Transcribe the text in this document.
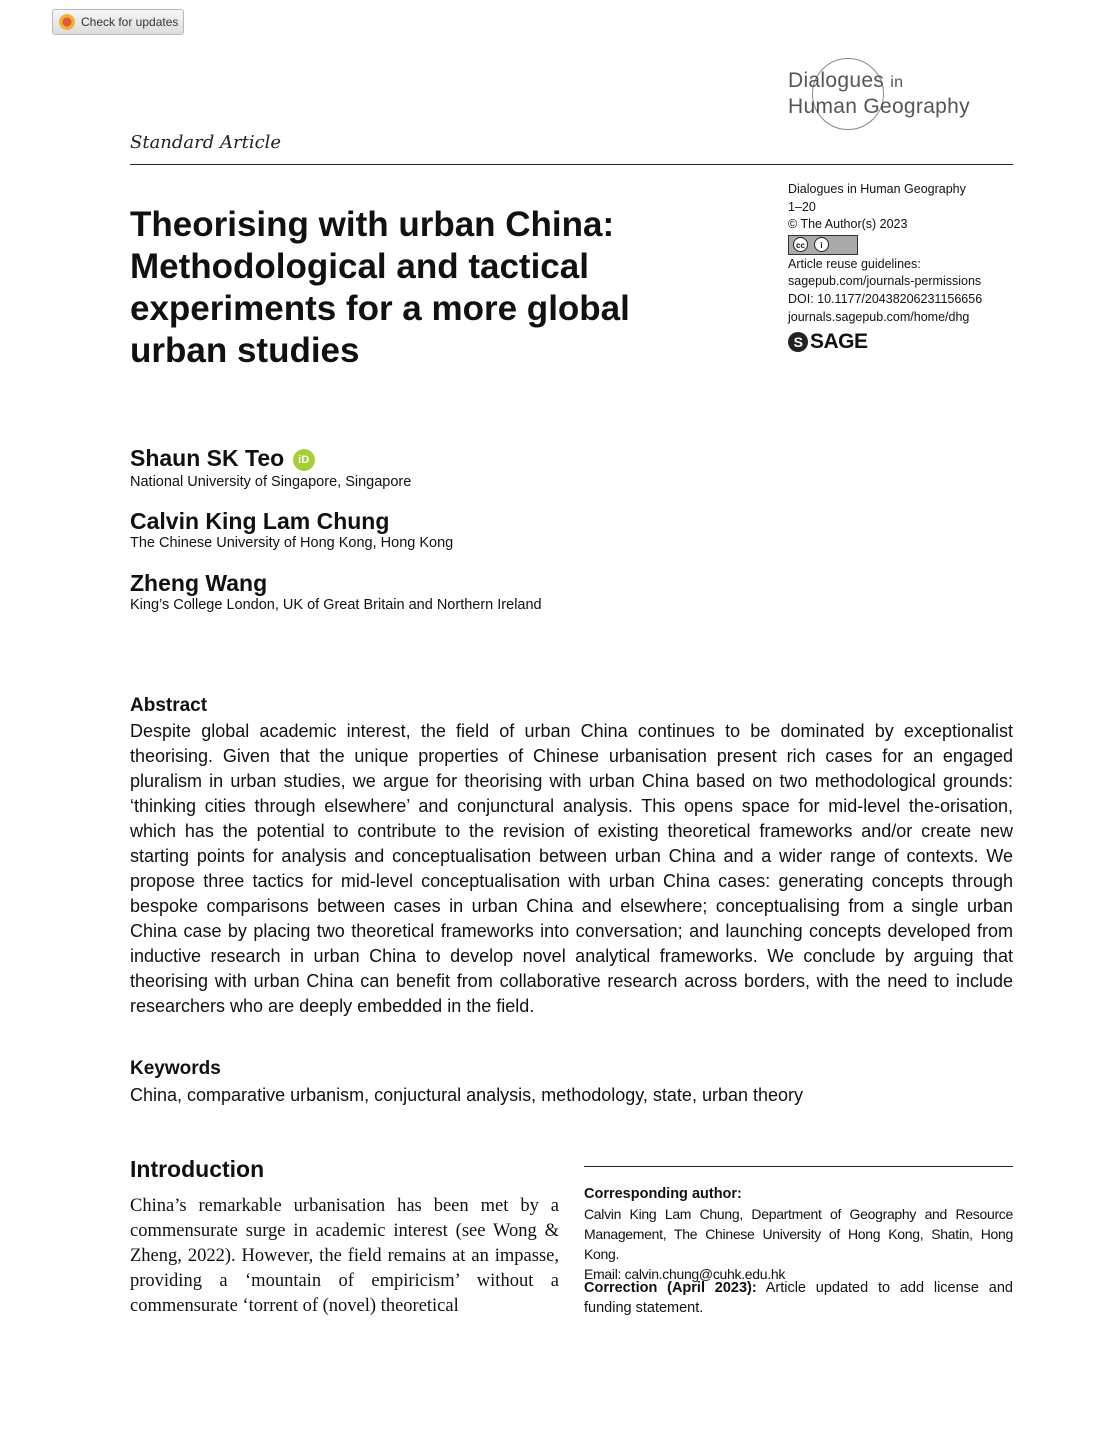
Check for updates
Dialogues in
Human Geography
Standard Article
Theorising with urban China: Methodological and tactical experiments for a more global urban studies
Dialogues in Human Geography
1–20
© The Author(s) 2023
cc	i
Article reuse guidelines:
sagepub.com/journals-permissions
DOI: 10.1177/20438206231156656
journals.sagepub.com/home/dhg
S SAGE
Shaun SK Teo iD
National University of Singapore, Singapore
Calvin King Lam Chung
The Chinese University of Hong Kong, Hong Kong
Zheng Wang
King’s College London, UK of Great Britain and Northern Ireland
Abstract
Despite global academic interest, the field of urban China continues to be dominated by exceptionalist theorising. Given that the unique properties of Chinese urbanisation present rich cases for an engaged pluralism in urban studies, we argue for theorising with urban China based on two methodological grounds: ‘thinking cities through elsewhere’ and conjunctural analysis. This opens space for mid-level the-orisation, which has the potential to contribute to the revision of existing theoretical frameworks and/or create new starting points for analysis and conceptualisation between urban China and a wider range of contexts. We propose three tactics for mid-level conceptualisation with urban China cases: generating concepts through bespoke comparisons between cases in urban China and elsewhere; conceptualising from a single urban China case by placing two theoretical frameworks into conversation; and launching concepts developed from inductive research in urban China to develop novel analytical frameworks. We conclude by arguing that theorising with urban China can benefit from collaborative research across borders, with the need to include researchers who are deeply embedded in the field.
Keywords
China, comparative urbanism, conjuctural analysis, methodology, state, urban theory
Introduction
China’s remarkable urbanisation has been met by a commensurate surge in academic interest (see Wong & Zheng, 2022). However, the field remains at an impasse, providing a ‘mountain of empiricism’ without a commensurate ‘torrent of (novel) theoretical
Corresponding author:
Calvin King Lam Chung, Department of Geography and Resource Management, The Chinese University of Hong Kong, Shatin, Hong Kong.
Email: calvin.chung@cuhk.edu.hk
Correction (April 2023): Article updated to add license and funding statement.
